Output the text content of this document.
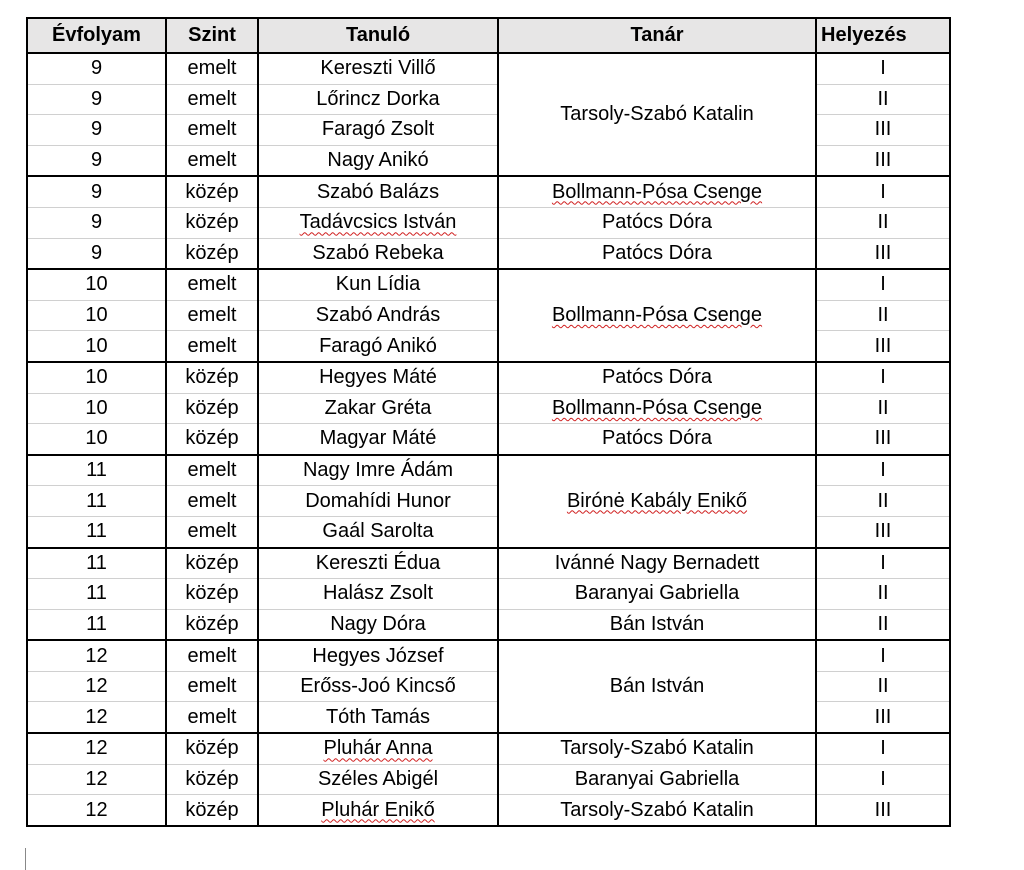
Évfolyam	Szint	Tanuló	Tanár	Helyezés
9	emelt	Kereszti Villő	Tarsoly-Szabó Katalin	I
9	emelt	Lőrincz Dorka		II
9	emelt	Faragó Zsolt		III
9	emelt	Nagy Anikó		III
9	közép	Szabó Balázs	Bollmann-Pósa Csenge	I
9	közép	Tadávcsics István	Patócs Dóra	II
9	közép	Szabó Rebeka	Patócs Dóra	III
10	emelt	Kun Lídia	Bollmann-Pósa Csenge	I
10	emelt	Szabó András		II
10	emelt	Faragó Anikó		III
10	közép	Hegyes Máté	Patócs Dóra	I
10	közép	Zakar Gréta	Bollmann-Pósa Csenge	II
10	közép	Magyar Máté	Patócs Dóra	III
11	emelt	Nagy Imre Ádám	Birónė Kabály Enikő	I
11	emelt	Domahídi Hunor		II
11	emelt	Gaál Sarolta		III
11	közép	Kereszti Édua	Ivánné Nagy Bernadett	I
11	közép	Halász Zsolt	Baranyai Gabriella	II
11	közép	Nagy Dóra	Bán István	II
12	emelt	Hegyes József	Bán István	I
12	emelt	Erőss-Joó Kincső		II
12	emelt	Tóth Tamás		III
12	közép	Pluhár Anna	Tarsoly-Szabó Katalin	I
12	közép	Széles Abigél	Baranyai Gabriella	I
12	közép	Pluhár Enikő	Tarsoly-Szabó Katalin	III
